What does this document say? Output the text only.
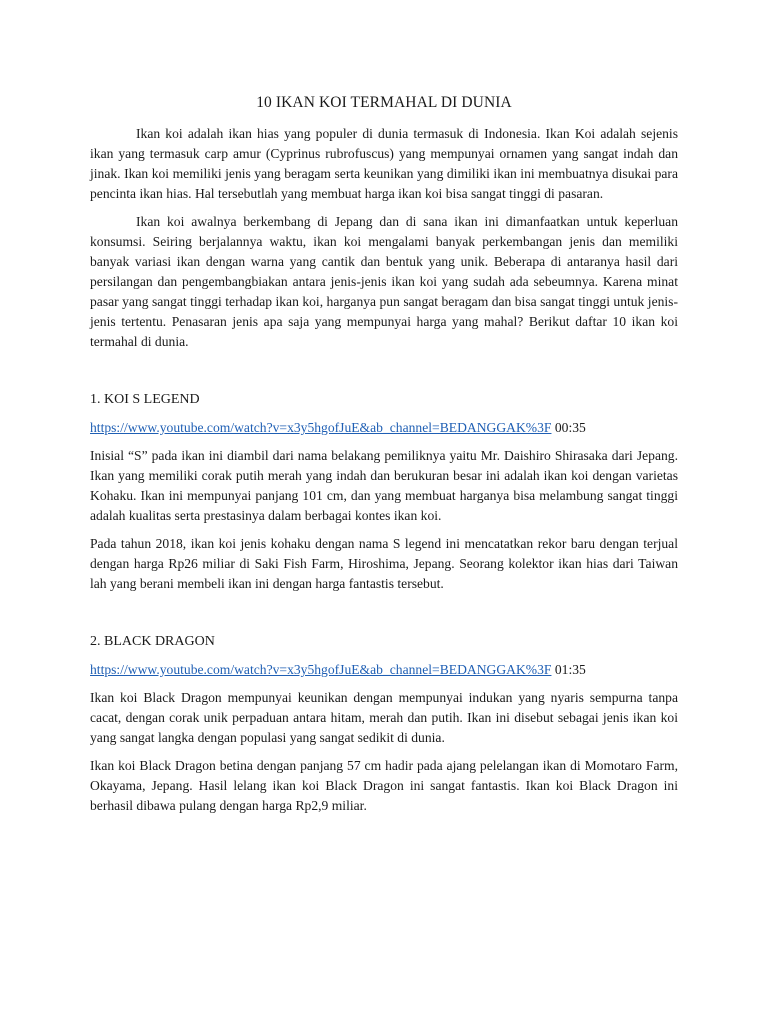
10 IKAN KOI TERMAHAL DI DUNIA

Ikan koi adalah ikan hias yang populer di dunia termasuk di Indonesia. Ikan Koi adalah sejenis ikan yang termasuk carp amur (Cyprinus rubrofuscus) yang mempunyai ornamen yang sangat indah dan jinak. Ikan koi memiliki jenis yang beragam serta keunikan yang dimiliki ikan ini membuatnya disukai para pencinta ikan hias. Hal tersebutlah yang membuat harga ikan koi bisa sangat tinggi di pasaran.

Ikan koi awalnya berkembang di Jepang dan di sana ikan ini dimanfaatkan untuk keperluan konsumsi. Seiring berjalannya waktu, ikan koi mengalami banyak perkembangan jenis dan memiliki banyak variasi ikan dengan warna yang cantik dan bentuk yang unik. Beberapa di antaranya hasil dari persilangan dan pengembangbiakan antara jenis-jenis ikan koi yang sudah ada sebeumnya. Karena minat pasar yang sangat tinggi terhadap ikan koi, harganya pun sangat beragam dan bisa sangat tinggi untuk jenis-jenis tertentu. Penasaran jenis apa saja yang mempunyai harga yang mahal? Berikut daftar 10 ikan koi termahal di dunia.

1. KOI S LEGEND
https://www.youtube.com/watch?v=x3y5hgofJuE&ab_channel=BEDANGGAK%3F 00:35

Inisial “S” pada ikan ini diambil dari nama belakang pemiliknya yaitu Mr. Daishiro Shirasaka dari Jepang. Ikan yang memiliki corak putih merah yang indah dan berukuran besar ini adalah ikan koi dengan varietas Kohaku. Ikan ini mempunyai panjang 101 cm, dan yang membuat harganya bisa melambung sangat tinggi adalah kualitas serta prestasinya dalam berbagai kontes ikan koi.

Pada tahun 2018, ikan koi jenis kohaku dengan nama S legend ini mencatatkan rekor baru dengan terjual dengan harga Rp26 miliar di Saki Fish Farm, Hiroshima, Jepang. Seorang kolektor ikan hias dari Taiwan lah yang berani membeli ikan ini dengan harga fantastis tersebut.

2. BLACK DRAGON
https://www.youtube.com/watch?v=x3y5hgofJuE&ab_channel=BEDANGGAK%3F 01:35

Ikan koi Black Dragon mempunyai keunikan dengan mempunyai indukan yang nyaris sempurna tanpa cacat, dengan corak unik perpaduan antara hitam, merah dan putih. Ikan ini disebut sebagai jenis ikan koi yang sangat langka dengan populasi yang sangat sedikit di dunia.

Ikan koi Black Dragon betina dengan panjang 57 cm hadir pada ajang pelelangan ikan di Momotaro Farm, Okayama, Jepang. Hasil lelang ikan koi Black Dragon ini sangat fantastis. Ikan koi Black Dragon ini berhasil dibawa pulang dengan harga Rp2,9 miliar.
